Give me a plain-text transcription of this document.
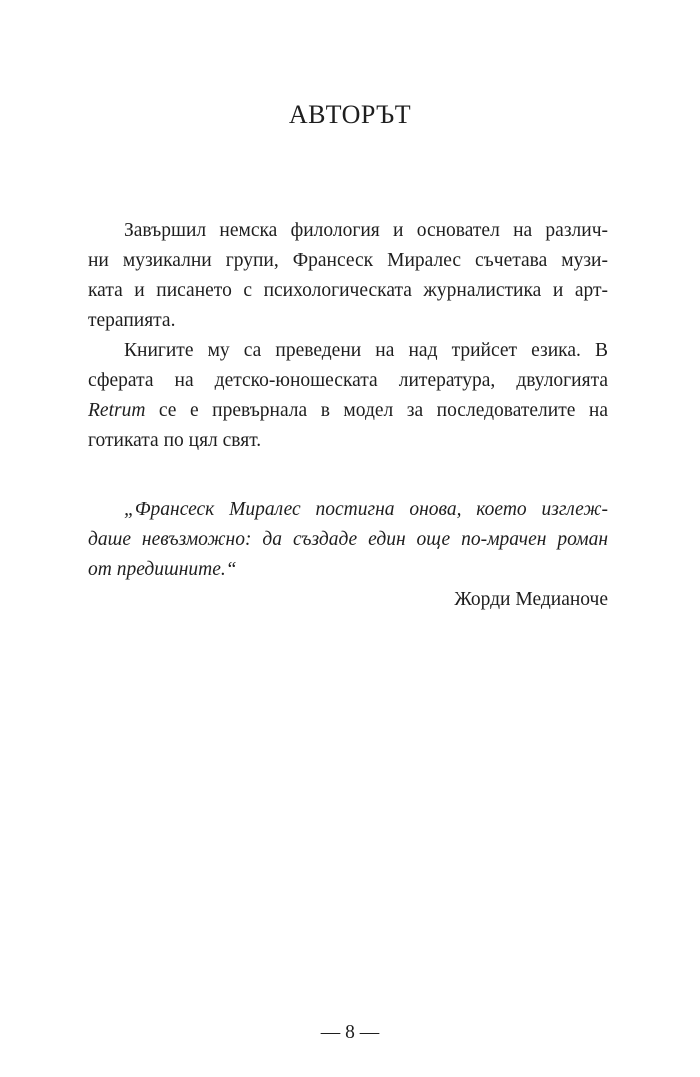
АВТОРЪТ

Завършил немска филология и основател на различ-
ни музикални групи, Франсеск Миралес съчетава музи-
ката и писането с психологическата журналистика и арт-
терапията.

Книгите му са преведени на над трийсет езика. В
сферата на детско-юношеската литература, двулогията
Retrum се е превърнала в модел за последователите на
готиката по цял свят.

„Франсеск Миралес постигна онова, което изглеж-
даше невъзможно: да създаде един още по-мрачен роман
от предишните.“
Жорди Медианоче
— 8 —
